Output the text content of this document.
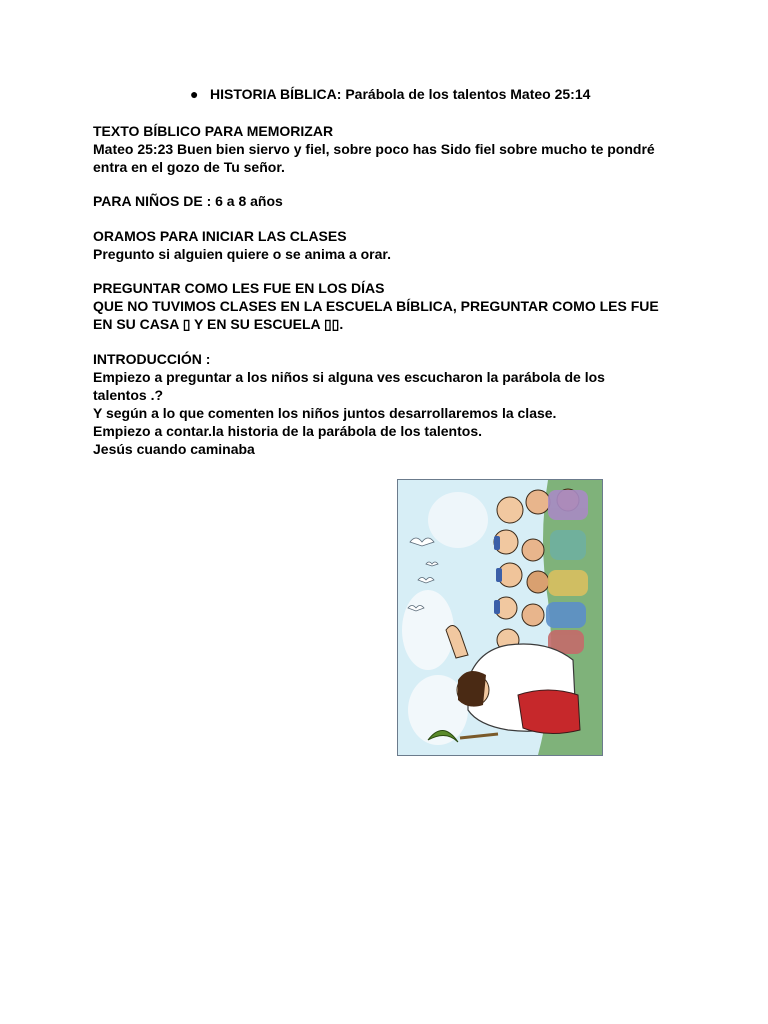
● HISTORIA BÍBLICA: Parábola de los talentos Mateo 25:14

TEXTO BÍBLICO PARA MEMORIZAR

Mateo 25:23 Buen bien siervo y fiel, sobre poco has Sido fiel sobre mucho te pondré

entra en el gozo de Tu señor.

PARA NIÑOS DE : 6 a 8 años

ORAMOS PARA INICIAR LAS CLASES

Pregunto si alguien quiere o se anima a orar.

PREGUNTAR COMO LES FUE EN LOS DÍAS

QUE NO TUVIMOS CLASES EN LA ESCUELA BÍBLICA, PREGUNTAR COMO LES FUE

EN SU CASA ▯ Y EN SU ESCUELA ▯▯.

INTRODUCCIÓN :

Empiezo a preguntar a los niños si alguna ves escucharon la parábola de los

talentos .?

Y según a lo que comenten los niños juntos desarrollaremos la clase.

Empiezo a contar.la historia de la parábola de los talentos.

Jesús cuando caminaba
